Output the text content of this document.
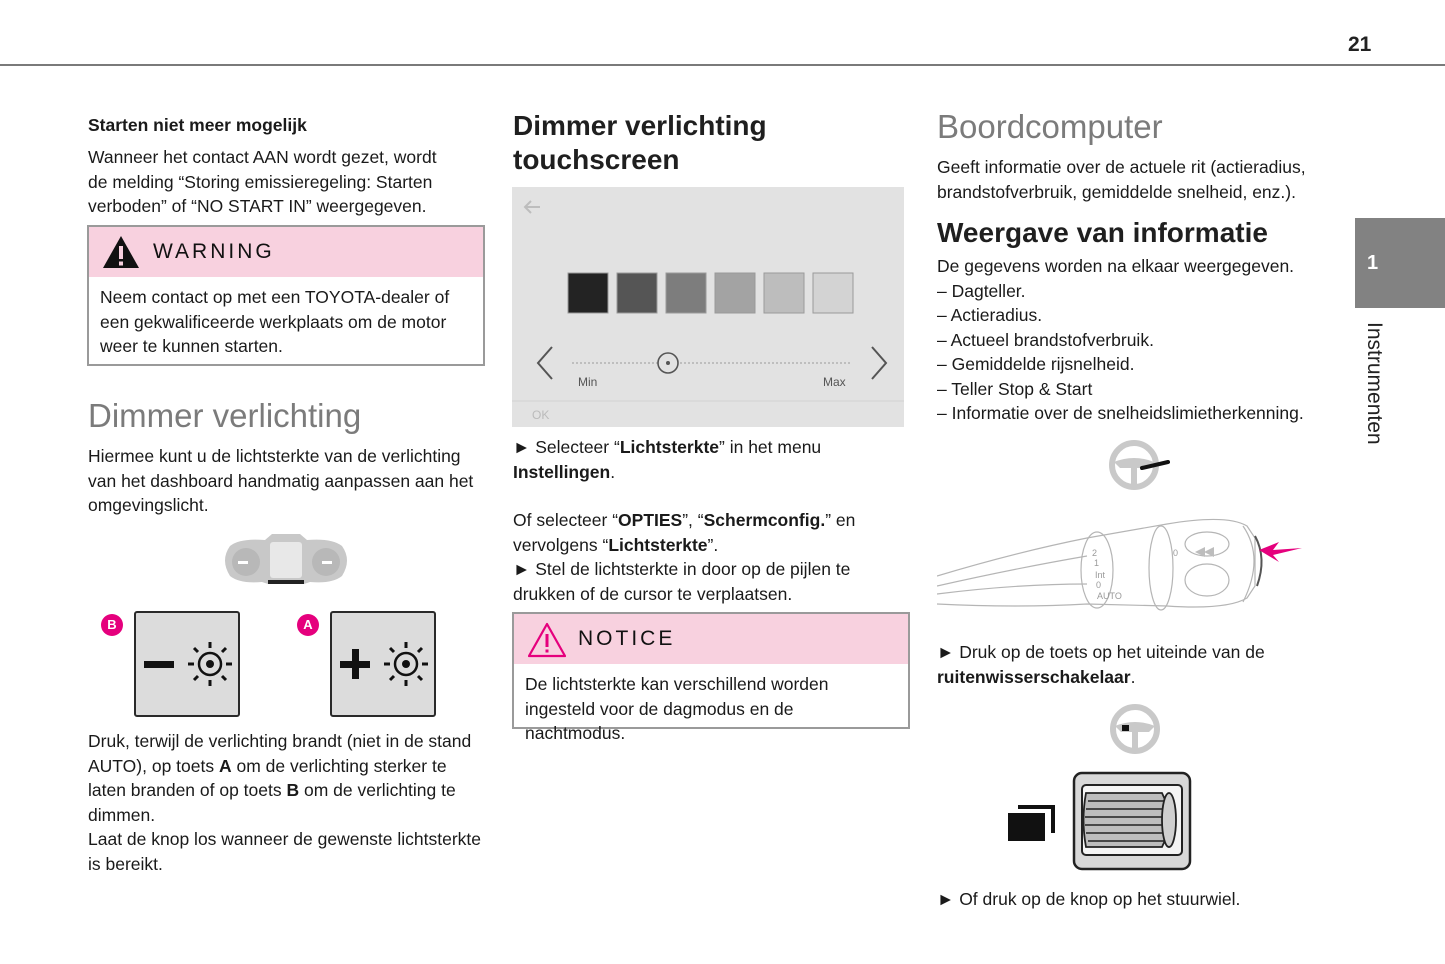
21
1
Instrumenten
Starten niet meer mogelijk

Wanneer het contact AAN wordt gezet, wordt

de melding “Storing emissieregeling: Starten

verboden” of “NO START IN” weergegeven.

WARNING
Neem contact op met een TOYOTA-dealer of
een gekwalificeerde werkplaats om de motor
weer te kunnen starten.
Dimmer verlichting

Hiermee kunt u de lichtsterkte van de verlichting

van het dashboard handmatig aanpassen aan het

omgevingslicht.

B	A

Druk, terwijl de verlichting brandt (niet in de stand

AUTO), op toets A om de verlichting sterker te

laten branden of op toets B om de verlichting te

dimmen.

Laat de knop los wanneer de gewenste lichtsterkte

is bereikt.

Dimmer verlichting
touchscreen
Min	Max
OK

► Selecteer “Lichtsterkte” in het menu

Instellingen.

Of selecteer “OPTIES”, “Schermconfig.” en

vervolgens “Lichtsterkte”.

► Stel de lichtsterkte in door op de pijlen te

drukken of de cursor te verplaatsen.

NOTICE
De lichtsterkte kan verschillend worden
ingesteld voor de dagmodus en de nachtmodus.
Boordcomputer

Geeft informatie over de actuele rit (actieradius,

brandstofverbruik, gemiddelde snelheid, enz.).

Weergave van informatie

De gegevens worden na elkaar weergegeven.

– Dagteller.
– Actieradius.
– Actueel brandstofverbruik.
– Gemiddelde rijsnelheid.
– Teller Stop & Start
– Informatie over de snelheidslimietherkenning.
2
1
Int
0
AUTO
0

► Druk op de toets op het uiteinde van de

ruitenwisserschakelaar.

► Of druk op de knop op het stuurwiel.
